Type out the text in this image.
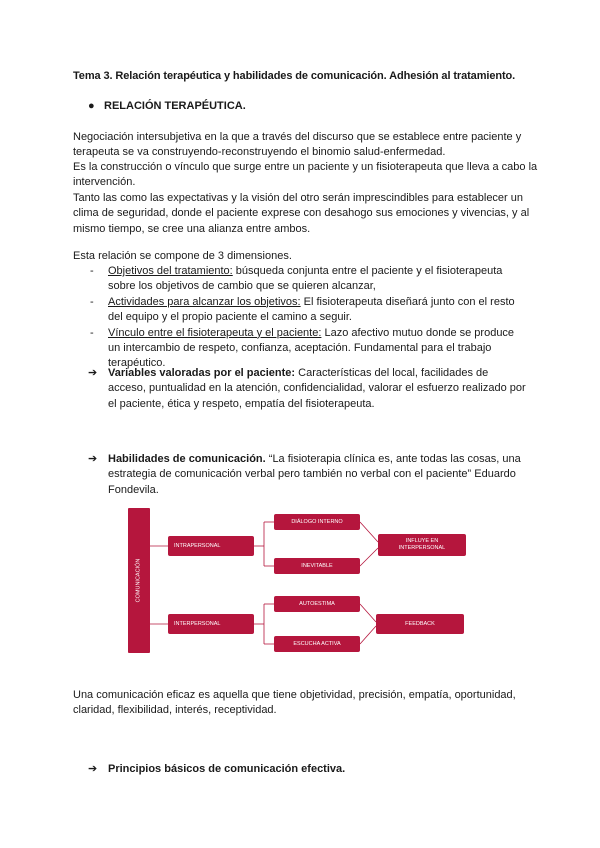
Tema 3. Relación terapéutica y habilidades de comunicación. Adhesión al tratamiento.
● RELACIÓN TERAPÉUTICA.
Negociación intersubjetiva en la que a través del discurso que se establece entre paciente y terapeuta se va construyendo-reconstruyendo el binomio salud-enfermedad.
Es la construcción o vínculo que surge entre un paciente y un fisioterapeuta que lleva a cabo la intervención.
Tanto las como las expectativas y la visión del otro serán imprescindibles para establecer un clima de seguridad, donde el paciente exprese con desahogo sus emociones y vivencias, y al mismo tiempo, se cree una alianza entre ambos.
Esta relación se compone de 3 dimensiones.
- Objetivos del tratamiento: búsqueda conjunta entre el paciente y el fisioterapeuta sobre los objetivos de cambio que se quieren alcanzar,
- Actividades para alcanzar los objetivos: El fisioterapeuta diseñará junto con el resto del equipo y el propio paciente el camino a seguir.
- Vínculo entre el fisioterapeuta y el paciente: Lazo afectivo mutuo donde se produce un intercambio de respeto, confianza, aceptación. Fundamental para el trabajo terapéutico.
➔ Variables valoradas por el paciente: Características del local, facilidades de acceso, puntualidad en la atención, confidencialidad, valorar el esfuerzo realizado por el paciente, ética y respeto, empatía del fisioterapeuta.
➔ Habilidades de comunicación. “La fisioterapia clínica es, ante todas las cosas, una estrategia de comunicación verbal pero también no verbal con el paciente” Eduardo Fondevila.
COMUNICACIÓN
INTRAPERSONAL
DIÁLOGO INTERNO
INEVITABLE
INFLUYE EN INTERPERSONAL
INTERPERSONAL
AUTOESTIMA
ESCUCHA ACTIVA
FEEDBACK
Una comunicación eficaz es aquella que tiene objetividad, precisión, empatía, oportunidad, claridad, flexibilidad, interés, receptividad.
➔ Principios básicos de comunicación efectiva.
